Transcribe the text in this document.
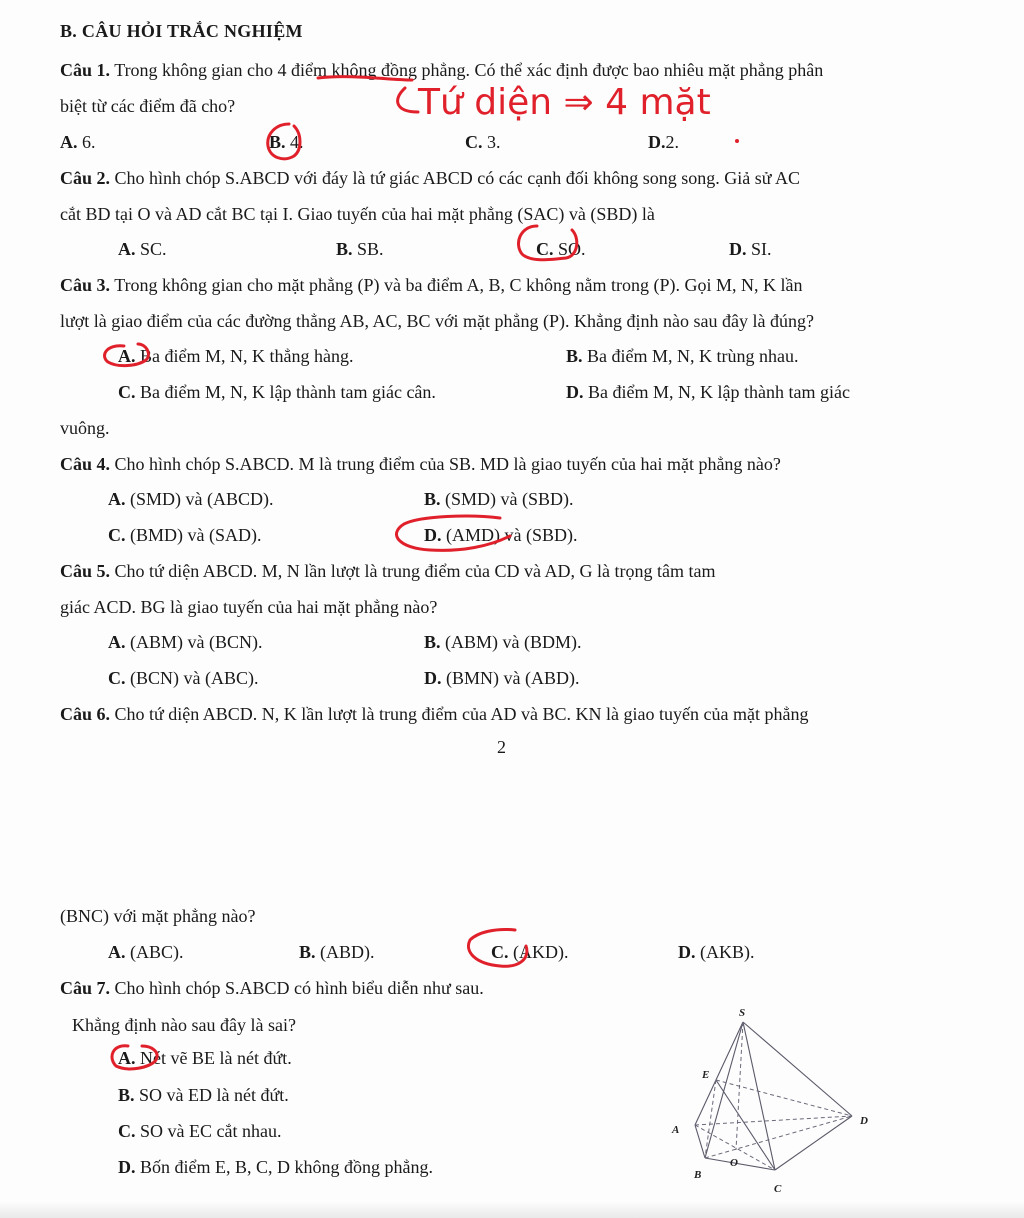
B. CÂU HỎI TRẮC NGHIỆM
Câu 1. Trong không gian cho 4 điểm không đồng phẳng. Có thể xác định được bao nhiêu mặt phẳng phân
biệt từ các điểm đã cho?
A. 6.	B. 4.	C. 3.	D.2.
Tứ diện ⇒ 4 mặt
Câu 2. Cho hình chóp S.ABCD với đáy là tứ giác ABCD có các cạnh đối không song song. Giả sử AC
cắt BD tại O và AD cắt BC tại I. Giao tuyến của hai mặt phẳng (SAC) và (SBD) là
A. SC.	B. SB.	C. SO.	D. SI.
Câu 3. Trong không gian cho mặt phẳng (P) và ba điểm A, B, C không nằm trong (P). Gọi M, N, K lần
lượt là giao điểm của các đường thẳng AB, AC, BC với mặt phẳng (P). Khẳng định nào sau đây là đúng?
A. Ba điểm M, N, K thẳng hàng.	B. Ba điểm M, N, K trùng nhau.
C. Ba điểm M, N, K lập thành tam giác cân.	D. Ba điểm M, N, K lập thành tam giác
vuông.
Câu 4. Cho hình chóp S.ABCD. M là trung điểm của SB. MD là giao tuyến của hai mặt phẳng nào?
A. (SMD) và (ABCD).	B. (SMD) và (SBD).
C. (BMD) và (SAD).	D. (AMD) và (SBD).
Câu 5. Cho tứ diện ABCD. M, N lần lượt là trung điểm của CD và AD, G là trọng tâm tam
giác ACD. BG là giao tuyến của hai mặt phẳng nào?
A. (ABM) và (BCN).	B. (ABM) và (BDM).
C. (BCN) và (ABC).	D. (BMN) và (ABD).
Câu 6. Cho tứ diện ABCD. N, K lần lượt là trung điểm của AD và BC. KN là giao tuyến của mặt phẳng
2
(BNC) với mặt phẳng nào?
A. (ABC).	B. (ABD).	C. (AKD).	D. (AKB).
Câu 7. Cho hình chóp S.ABCD có hình biểu diễn như sau.
Khẳng định nào sau đây là sai?
A. Nét vẽ BE là nét đứt.
B. SO và ED là nét đứt.
C. SO và EC cắt nhau.
D. Bốn điểm E, B, C, D không đồng phẳng.
S
E
A
D
B
O
C
